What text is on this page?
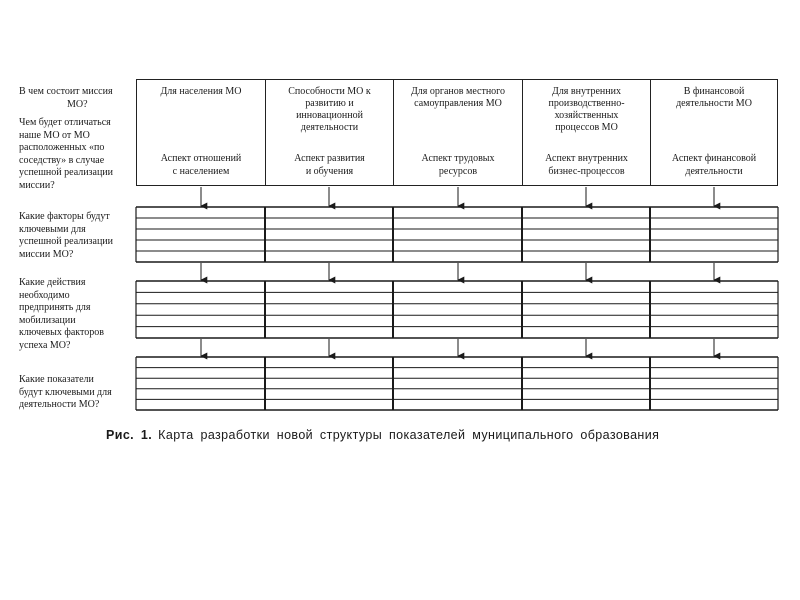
В чем состоит миссия
МО?
Чем будет отличаться
наше МО от МО
расположенных «по
соседству» в случае
успешной реализации
миссии?
Какие факторы будут
ключевыми для
успешной реализации
миссии МО?
Какие действия
необходимо
предпринять для
мобилизации
ключевых факторов
успеха МО?
Какие показатели
будут ключевыми для
деятельности МО?
Для населения МО
Аспект отношений
с населением
Способности МО к
развитию и
инновационной
деятельности
Аспект развития
и обучения
Для органов местного
самоуправления МО
Аспект трудовых
ресурсов
Для внутренних
производственно-
хозяйственных
процессов МО
Аспект внутренних
бизнес-процессов
В финансовой
деятельности МО
Аспект финансовой
деятельности
Рис. 1. Карта разработки новой структуры показателей муниципального образования
